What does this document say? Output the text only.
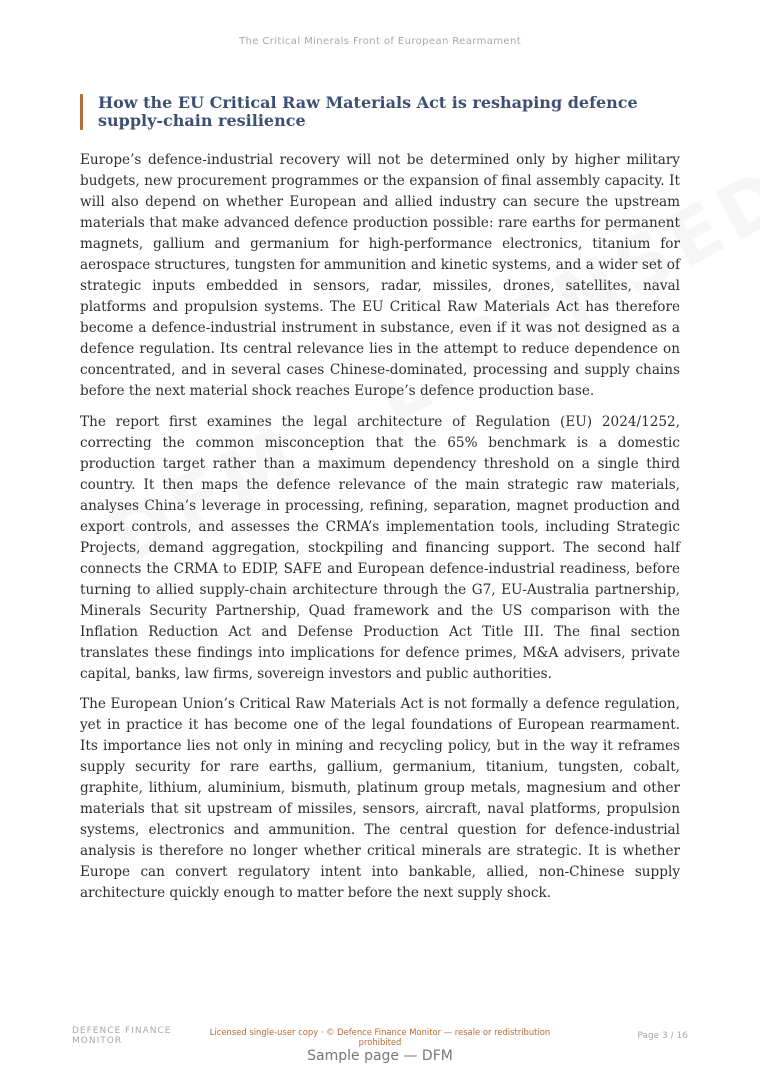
The Critical Minerals Front of European Rearmament
How the EU Critical Raw Materials Act is reshaping defence supply-chain resilience

Europe’s defence-industrial recovery will not be determined only by higher military budgets, new procurement programmes or the expansion of final assembly capacity. It will also depend on whether European and allied industry can secure the upstream materials that make advanced defence production possible: rare earths for permanent magnets, gallium and germanium for high-performance electronics, titanium for aerospace structures, tungsten for ammunition and kinetic systems, and a wider set of strategic inputs embedded in sensors, radar, missiles, drones, satellites, naval platforms and propulsion systems. The EU Critical Raw Materials Act has therefore become a defence-industrial instrument in substance, even if it was not designed as a defence regulation. Its central relevance lies in the attempt to reduce dependence on concentrated, and in several cases Chinese-dominated, processing and supply chains before the next material shock reaches Europe’s defence production base.

The report first examines the legal architecture of Regulation (EU) 2024/1252, correcting the common misconception that the 65% benchmark is a domestic production target rather than a maximum dependency threshold on a single third country. It then maps the defence relevance of the main strategic raw materials, analyses China’s leverage in processing, refining, separation, magnet production and export controls, and assesses the CRMA’s implementation tools, including Strategic Projects, demand aggregation, stockpiling and financing support. The second half connects the CRMA to EDIP, SAFE and European defence-industrial readiness, before turning to allied supply-chain architecture through the G7, EU-Australia partnership, Minerals Security Partnership, Quad framework and the US comparison with the Inflation Reduction Act and Defense Production Act Title III. The final section translates these findings into implications for defence primes, M&A advisers, private capital, banks, law firms, sovereign investors and public authorities.

The European Union’s Critical Raw Materials Act is not formally a defence regulation, yet in practice it has become one of the legal foundations of European rearmament. Its importance lies not only in mining and recycling policy, but in the way it reframes supply security for rare earths, gallium, germanium, titanium, tungsten, cobalt, graphite, lithium, aluminium, bismuth, platinum group metals, magnesium and other materials that sit upstream of missiles, sensors, aircraft, naval platforms, propulsion systems, electronics and ammunition. The central question for defence-industrial analysis is therefore no longer whether critical minerals are strategic. It is whether Europe can convert regulatory intent into bankable, allied, non-Chinese supply architecture quickly enough to matter before the next supply shock.

DEFENCE FINANCE
MONITOR
Licensed single-user copy · © Defence Finance Monitor — resale or redistribution prohibited
Page 3 / 16
Sample page — DFM
